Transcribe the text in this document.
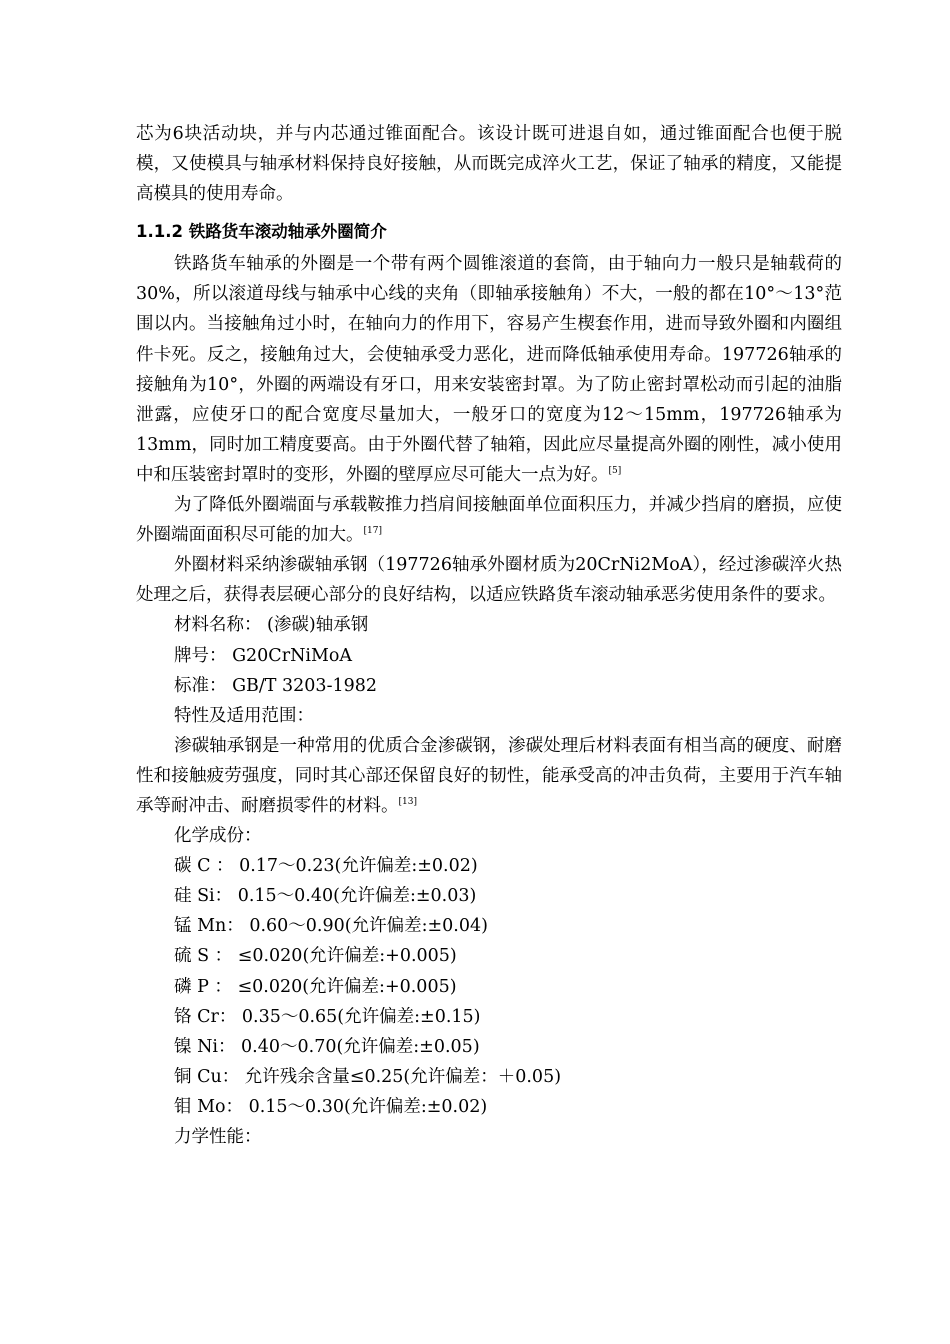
芯为6块活动块，并与内芯通过锥面配合。该设计既可进退自如，通过锥面配合也便于脱模，又使模具与轴承材料保持良好接触，从而既完成淬火工艺，保证了轴承的精度，又能提高模具的使用寿命。

1.1.2 铁路货车滚动轴承外圈简介

铁路货车轴承的外圈是一个带有两个圆锥滚道的套筒，由于轴向力一般只是轴载荷的30%，所以滚道母线与轴承中心线的夹角（即轴承接触角）不大，一般的都在10°～13°范围以内。当接触角过小时，在轴向力的作用下，容易产生楔套作用，进而导致外圈和内圈组件卡死。反之，接触角过大，会使轴承受力恶化，进而降低轴承使用寿命。197726轴承的接触角为10°，外圈的两端设有牙口，用来安装密封罩。为了防止密封罩松动而引起的油脂泄露，应使牙口的配合宽度尽量加大，一般牙口的宽度为12～15mm，197726轴承为13mm，同时加工精度要高。由于外圈代替了轴箱，因此应尽量提高外圈的刚性，减小使用中和压装密封罩时的变形，外圈的壁厚应尽可能大一点为好。[5]

为了降低外圈端面与承载鞍推力挡肩间接触面单位面积压力，并减少挡肩的磨损，应使外圈端面面积尽可能的加大。[17]

外圈材料采纳渗碳轴承钢（197726轴承外圈材质为20CrNi2MoA），经过渗碳淬火热处理之后，获得表层硬心部分的良好结构，以适应铁路货车滚动轴承恶劣使用条件的要求。

材料名称： (渗碳)轴承钢

牌号： G20CrNiMoA

标准： GB/T 3203-1982

特性及适用范围：

渗碳轴承钢是一种常用的优质合金渗碳钢，渗碳处理后材料表面有相当高的硬度、耐磨性和接触疲劳强度，同时其心部还保留良好的韧性，能承受高的冲击负荷，主要用于汽车轴承等耐冲击、耐磨损零件的材料。[13]

化学成份：

碳 C ： 0.17～0.23(允许偏差:±0.02)

硅 Si： 0.15～0.40(允许偏差:±0.03)

锰 Mn： 0.60～0.90(允许偏差:±0.04)

硫 S ： ≤0.020(允许偏差:+0.005)

磷 P ： ≤0.020(允许偏差:+0.005)

铬 Cr： 0.35～0.65(允许偏差:±0.15)

镍 Ni： 0.40～0.70(允许偏差:±0.05)

铜 Cu： 允许残余含量≤0.25(允许偏差：＋0.05)

钼 Mo： 0.15～0.30(允许偏差:±0.02)

力学性能：
